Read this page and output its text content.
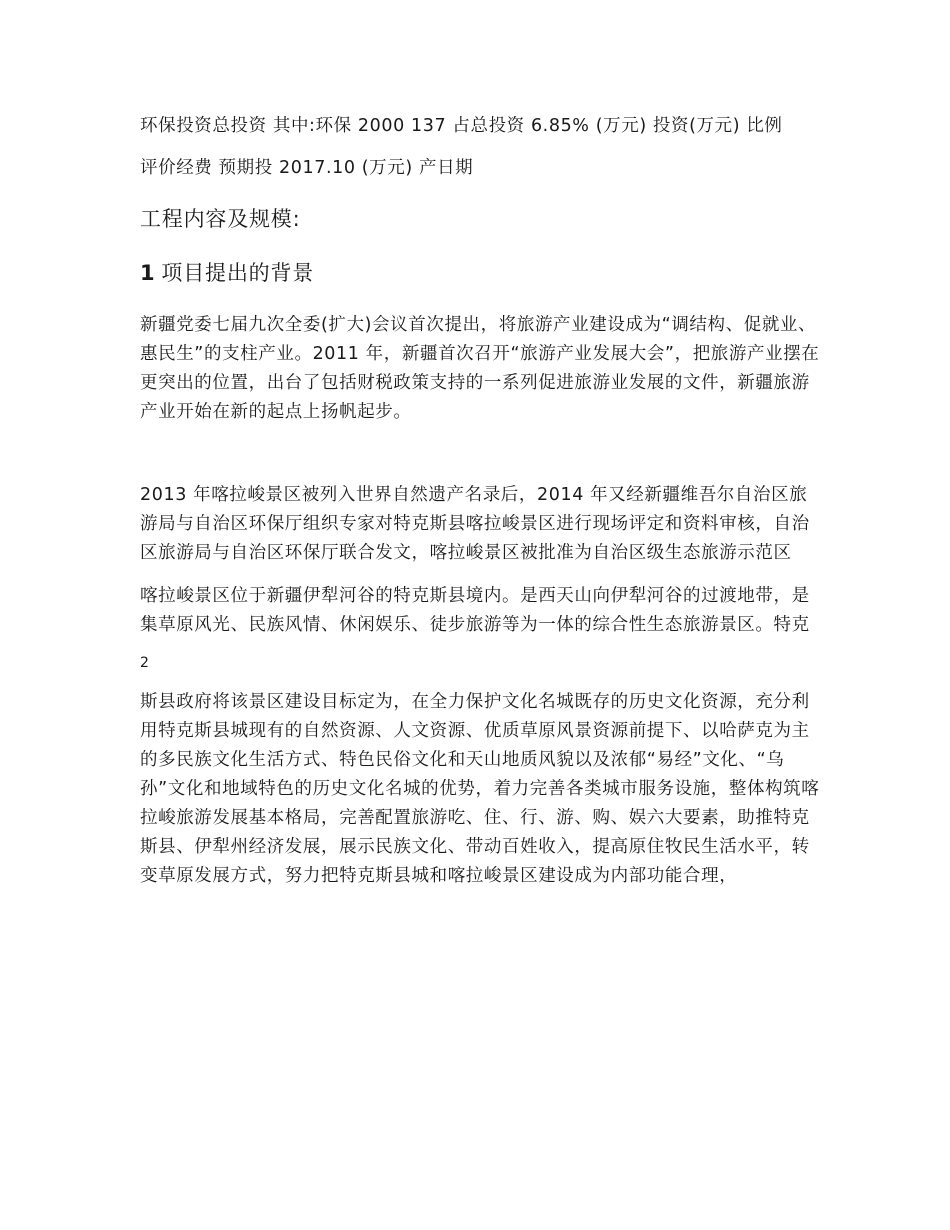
环保投资总投资 其中:环保 2000 137 占总投资 6.85% (万元) 投资(万元) 比例

评价经费 预期投 2017.10 (万元) 产日期

工程内容及规模:
1 项目提出的背景

新疆党委七届九次全委(扩大)会议首次提出，将旅游产业建设成为“调结构、促就业、惠民生”的支柱产业。2011 年，新疆首次召开“旅游产业发展大会”，把旅游产业摆在更突出的位置，出台了包括财税政策支持的一系列促进旅游业发展的文件，新疆旅游产业开始在新的起点上扬帆起步。

2013 年喀拉峻景区被列入世界自然遗产名录后，2014 年又经新疆维吾尔自治区旅游局与自治区环保厅组织专家对特克斯县喀拉峻景区进行现场评定和资料审核，自治区旅游局与自治区环保厅联合发文，喀拉峻景区被批准为自治区级生态旅游示范区

喀拉峻景区位于新疆伊犁河谷的特克斯县境内。是西天山向伊犁河谷的过渡地带，是集草原风光、民族风情、休闲娱乐、徒步旅游等为一体的综合性生态旅游景区。特克

2

斯县政府将该景区建设目标定为，在全力保护文化名城既存的历史文化资源，充分利用特克斯县城现有的自然资源、人文资源、优质草原风景资源前提下、以哈萨克为主的多民族文化生活方式、特色民俗文化和天山地质风貌以及浓郁“易经”文化、“乌孙”文化和地域特色的历史文化名城的优势，着力完善各类城市服务设施，整体构筑喀拉峻旅游发展基本格局，完善配置旅游吃、住、行、游、购、娱六大要素，助推特克斯县、伊犁州经济发展，展示民族文化、带动百姓收入，提高原住牧民生活水平，转变草原发展方式，努力把特克斯县城和喀拉峻景区建设成为内部功能合理，
